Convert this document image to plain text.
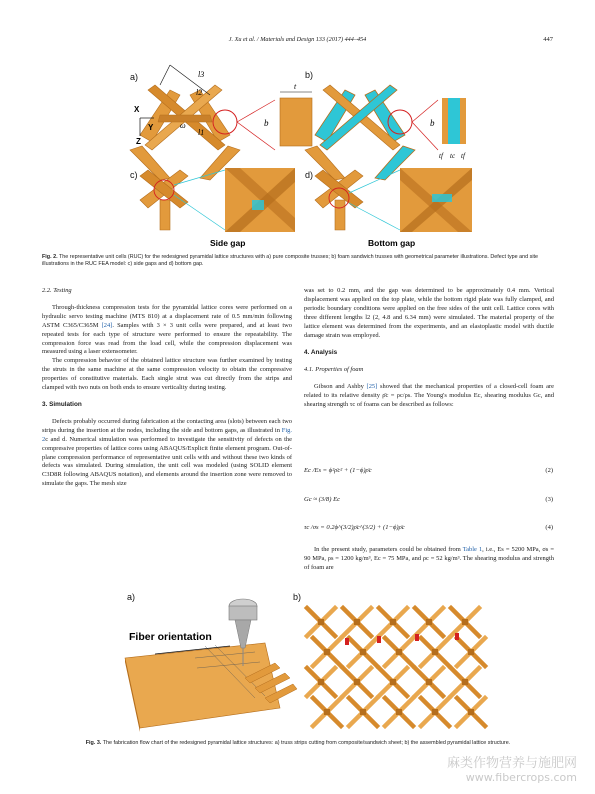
J. Xu et al. / Materials and Design 133 (2017) 444–454	447
a)	l3
l2
l1
ω
t
b
X
Y
Z
b)
b
tf tc tf
c)
Side gap
d)
Bottom gap
Fig. 2. The representative unit cells (RUC) for the redesigned pyramidal lattice structures with a) pure composite trusses; b) foam sandwich trusses with geometrical parameter illustrations. Defect type and site illustrations in the RUC FEA model: c) side gaps and d) bottom gap.

2.2. Testing

Through-thickness compression tests for the pyramidal lattice cores were performed on a hydraulic servo testing machine (MTS 810) at a displacement rate of 0.5 mm/min following ASTM C365/C365M [24]. Samples with 3 × 3 unit cells were prepared, and at least two repeated tests for each type of structure were performed to ensure the repeatability. The compression force was read from the load cell, while the compression displacement was measured using a laser extensometer.

The compression behavior of the obtained lattice structure was further examined by testing the struts in the same machine at the same compression velocity to obtain the compressive properties of constitutive materials. Each single strut was cut directly from the strips and clamped with two nuts on both ends to ensure verticality during testing.

3. Simulation

Defects probably occurred during fabrication at the contacting area (slots) between each two strips during the insertion at the nodes, including the side and bottom gaps, as illustrated in Fig. 2c and d. Numerical simulation was performed to investigate the sensitivity of defects on the compressive properties of lattice cores using ABAQUS/Explicit finite element program. Out-of-plane compression performance of representative unit cells with and without these two kinds of defects was simulated. During simulation, the unit cell was modeled (using SOLID element C3D8R following ABAQUS notation), and elements around the insertion zone were removed to simulate the gaps. The mesh size

was set to 0.2 mm, and the gap was determined to be approximately 0.4 mm. Vertical displacement was applied on the top plate, while the bottom rigid plate was fully clamped, and periodic boundary conditions were applied on the free sides of the unit cell. Lattice cores with three different lengths l2 (2, 4.8 and 6.34 mm) were simulated. The material property of the lattice element was determined from the experiments, and an elastoplastic model with ductile damage strain was employed.

4. Analysis

4.1. Properties of foam

Gibson and Ashby [25] showed that the mechanical properties of a closed-cell foam are related to its relative density ρ̄c = ρc/ρs. The Young's modulus Ec, shearing modulus Gc, and shearing strength τc of foams can be described as follows:

Ec /Es = ϕ²ρ̄c² + (1−ϕ)ρ̄c	(2)
Gc ≈ (3/8) Ec	(3)
τc /σs = 0.2ϕ^(3/2)ρ̄c^(3/2) + (1−ϕ)ρ̄c	(4)

In the present study, parameters could be obtained from Table 1, i.e., Es = 5200 MPa, σs = 90 MPa, ρs = 1200 kg/m³, Ec = 75 MPa, and ρc = 52 kg/m³. The shearing modulus and strength of foam are

a)	b)
Fiber orientation
Fig. 3. The fabrication flow chart of the redesigned pyramidal lattice structures: a) truss strips cutting from composite/sandwich sheet; b) the assembled pyramidal lattice structure.
麻类作物营养与施肥网
www.fibercrops.com
